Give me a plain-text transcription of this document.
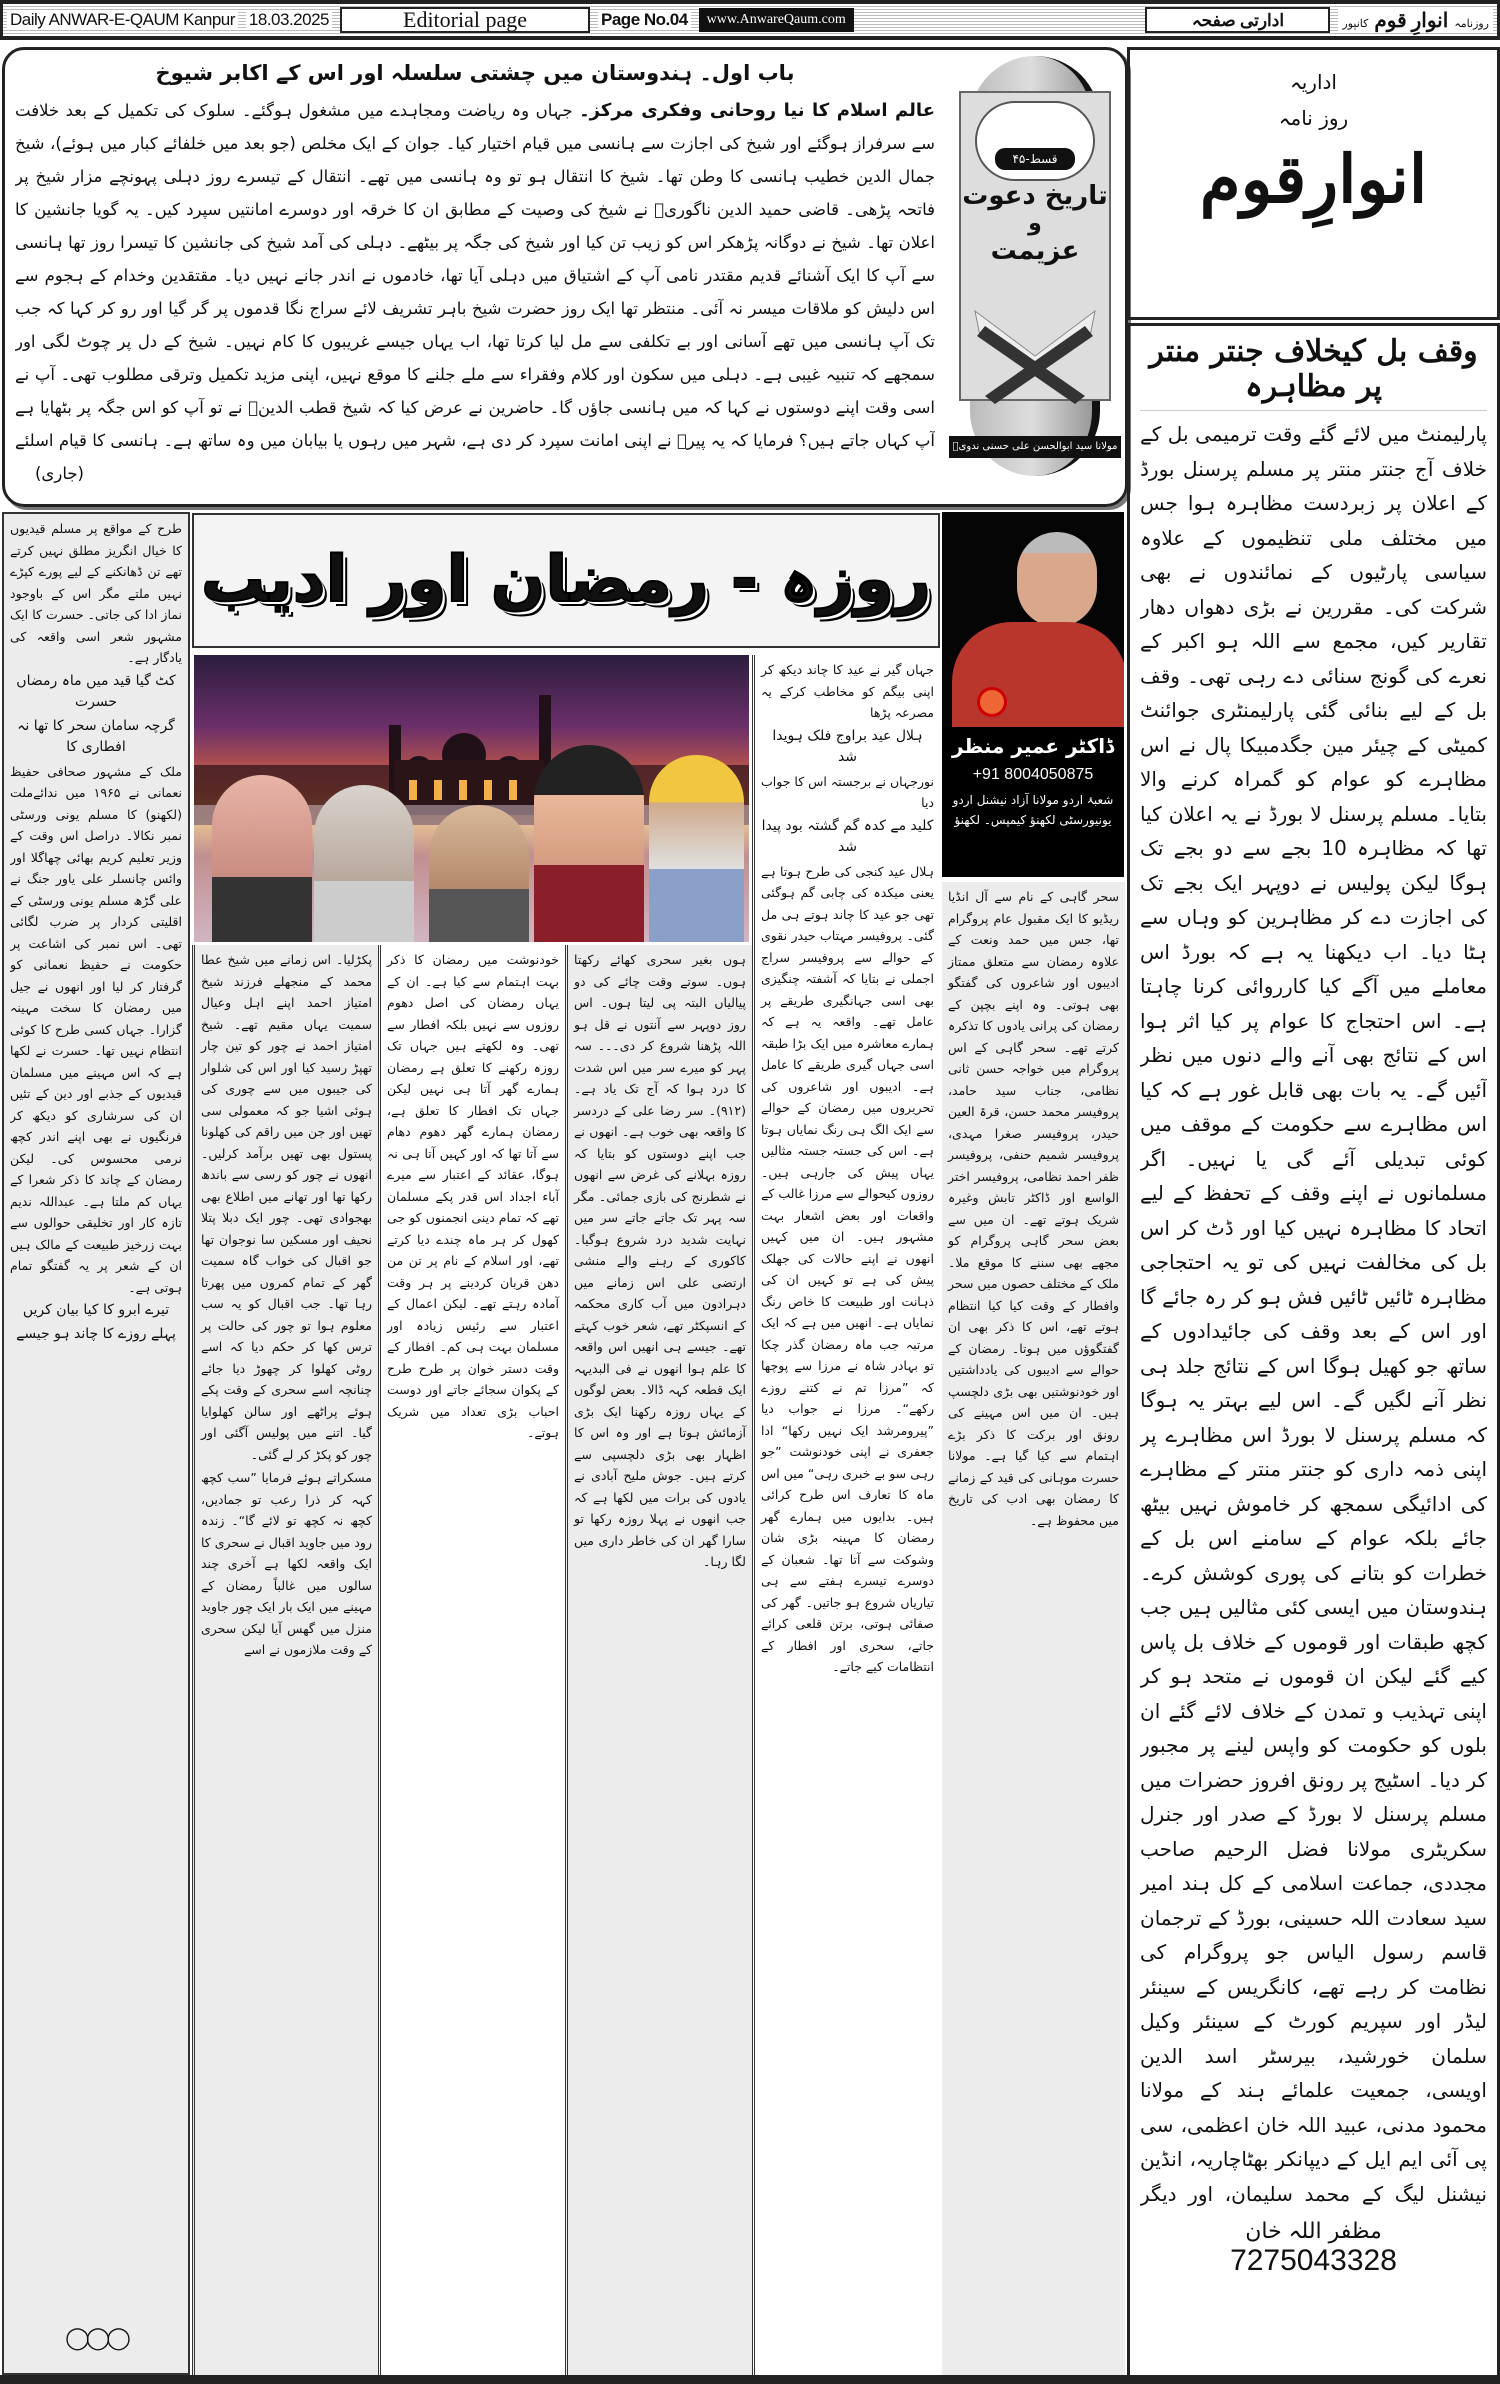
Daily ANWAR-E-QAUM Kanpur 18.03.2025	Editorial page	Page No.04	www.AnwareQaum.com	ادارتی صفحہ	روزنامہ
انوارِ قوم
کانپور
باب اول۔ ہندوستان میں چشتی سلسلہ اور اس کے اکابر شیوخ

عالم اسلام کا نیا روحانی وفکری مرکز۔ جہاں وہ ریاضت ومجاہدے میں مشغول ہوگئے۔ سلوک کی تکمیل کے بعد خلافت سے سرفراز ہوگئے اور شیخ کی اجازت سے ہانسی میں قیام اختیار کیا۔ جوان کے ایک مخلص (جو بعد میں خلفائے کبار میں ہوئے)، شیخ جمال الدین خطیب ہانسی کا وطن تھا۔ شیخ کا انتقال ہو تو وہ ہانسی میں تھے۔ انتقال کے تیسرے روز دہلی پہونچے مزار شیخ پر فاتحہ پڑھی۔ قاضی حمید الدین ناگوریؒ نے شیخ کی وصیت کے مطابق ان کا خرقہ اور دوسرے امانتیں سپرد کیں۔ یہ گویا جانشین کا اعلان تھا۔ شیخ نے دوگانہ پڑھکر اس کو زیب تن کیا اور شیخ کی جگہ پر بیٹھے۔ دہلی کی آمد شیخ کی جانشین کا تیسرا روز تھا ہانسی سے آپ کا ایک آشنائے قدیم مقتدر نامی آپ کے اشتیاق میں دہلی آیا تھا، خادموں نے اندر جانے نہیں دیا۔ مقتقدین وخدام کے ہجوم سے اس دلیش کو ملاقات میسر نہ آئی۔ منتظر تھا ایک روز حضرت شیخ باہر تشریف لائے سراج نگا قدموں پر گر گیا اور رو کر کہا کہ جب تک آپ ہانسی میں تھے آسانی اور بے تکلفی سے مل لیا کرتا تھا، اب یہاں جیسے غریبوں کا کام نہیں۔ شیخ کے دل پر چوٹ لگی اور سمجھے کہ تنبیہ غیبی ہے۔ دہلی میں سکون اور کلام وفقراء سے ملے جلنے کا موقع نہیں، اپنی مزید تکمیل وترقی مطلوب تھی۔ آپ نے اسی وقت اپنے دوستوں نے کہا کہ میں ہانسی جاؤں گا۔ حاضرین نے عرض کیا کہ شیخ قطب الدینؒ نے تو آپ کو اس جگہ پر بٹھایا ہے آپ کہاں جاتے ہیں؟ فرمایا کہ یہ پیرؒ نے اپنی امانت سپرد کر دی ہے، شہر میں رہوں یا بیابان میں وہ ساتھ ہے۔ ہانسی کا قیام اسلئے

(جاری)
قسط-۴۵
تاریخ دعوت
و
عزیمت
مولانا سید ابوالحسن علی حسنی ندویؒ
اداریہ
روز نامہ
انوارِقوم
وقف بل کیخلاف جنتر منتر پر مظاہرہ

پارلیمنٹ میں لائے گئے وقت ترمیمی بل کے خلاف آج جنتر منتر پر مسلم پرسنل بورڈ کے اعلان پر زبردست مظاہرہ ہوا جس میں مختلف ملی تنظیموں کے علاوہ سیاسی پارٹیوں کے نمائندوں نے بھی شرکت کی۔ مقررین نے بڑی دھواں دھار تقاریر کیں، مجمع سے اللہ ہو اکبر کے نعرے کی گونج سنائی دے رہی تھی۔ وقف بل کے لیے بنائی گئی پارلیمنٹری جوائنٹ کمیٹی کے چیئر مین جگدمبیکا پال نے اس مظاہرے کو عوام کو گمراہ کرنے والا بتایا۔ مسلم پرسنل لا بورڈ نے یہ اعلان کیا تھا کہ مظاہرہ 10 بجے سے دو بجے تک ہوگا لیکن پولیس نے دوپہر ایک بجے تک کی اجازت دے کر مظاہرین کو وہاں سے ہٹا دیا۔ اب دیکھنا یہ ہے کہ بورڈ اس معاملے میں آگے کیا کارروائی کرنا چاہتا ہے۔ اس احتجاج کا عوام پر کیا اثر ہوا اس کے نتائج بھی آنے والے دنوں میں نظر آئیں گے۔ یہ بات بھی قابل غور ہے کہ کیا اس مظاہرے سے حکومت کے موقف میں کوئی تبدیلی آئے گی یا نہیں۔ اگر مسلمانوں نے اپنے وقف کے تحفظ کے لیے اتحاد کا مظاہرہ نہیں کیا اور ڈٹ کر اس بل کی مخالفت نہیں کی تو یہ احتجاجی مظاہرہ ٹائیں ٹائیں فش ہو کر رہ جائے گا اور اس کے بعد وقف کی جائیدادوں کے ساتھ جو کھیل ہوگا اس کے نتائج جلد ہی نظر آنے لگیں گے۔ اس لیے بہتر یہ ہوگا کہ مسلم پرسنل لا بورڈ اس مظاہرے پر اپنی ذمہ داری کو جنتر منتر کے مظاہرے کی ادائیگی سمجھ کر خاموش نہیں بیٹھ جائے بلکہ عوام کے سامنے اس بل کے خطرات کو بتانے کی پوری کوشش کرے۔ ہندوستان میں ایسی کئی مثالیں ہیں جب کچھ طبقات اور قوموں کے خلاف بل پاس کیے گئے لیکن ان قوموں نے متحد ہو کر اپنی تہذیب و تمدن کے خلاف لائے گئے ان بلوں کو حکومت کو واپس لینے پر مجبور کر دیا۔ اسٹیج پر رونق افروز حضرات میں مسلم پرسنل لا بورڈ کے صدر اور جنرل سکریٹری مولانا فضل الرحیم صاحب مجددی، جماعت اسلامی کے کل ہند امیر سید سعادت اللہ حسینی، بورڈ کے ترجمان قاسم رسول الیاس جو پروگرام کی نظامت کر رہے تھے، کانگریس کے سینئر لیڈر اور سپریم کورٹ کے سینئر وکیل سلمان خورشید، بیرسٹر اسد الدین اویسی، جمعیت علمائے ہند کے مولانا محمود مدنی، عبید اللہ خان اعظمی، سی پی آئی ایم ایل کے دیپانکر بھٹاچاریہ، انڈین نیشنل لیگ کے محمد سلیمان، اور دیگر

مظفر اللہ خان
7275043328
روزہ - رمضان اور ادیب
ڈاکٹر عمیر منظر
+91 8004050875
شعبۂ اردو مولانا آزاد نیشنل اردو
یونیورسٹی لکھنؤ کیمپس۔ لکھنؤ

سحر گاہی کے نام سے آل انڈیا ریڈیو کا ایک مقبول عام پروگرام تھا، جس میں حمد ونعت کے علاوہ رمضان سے متعلق ممتاز ادیبوں اور شاعروں کی گفتگو بھی ہوتی۔ وہ اپنے بچپن کے رمضان کی پرانی یادوں کا تذکرہ کرتے تھے۔ سحر گاہی کے اس پروگرام میں خواجہ حسن ثانی نظامی، جناب سید حامد، پروفیسر محمد حسن، قرۃ العین حیدر، پروفیسر صغرا مہدی، پروفیسر شمیم حنفی، پروفیسر ظفر احمد نظامی، پروفیسر اختر الواسع اور ڈاکٹر تابش وغیرہ شریک ہوتے تھے۔ ان میں سے بعض سحر گاہی پروگرام کو مجھے بھی سننے کا موقع ملا۔ ملک کے مختلف حصوں میں سحر وافطار کے وقت کیا کیا انتظام ہوتے تھے، اس کا ذکر بھی ان گفتگوؤں میں ہوتا۔ رمضان کے حوالے سے ادیبوں کی یادداشتیں اور خودنوشتیں بھی بڑی دلچسپ ہیں۔ ان میں اس مہینے کی رونق اور برکت کا ذکر بڑے اہتمام سے کیا گیا ہے۔ مولانا حسرت موہانی کی قید کے زمانے کا رمضان بھی ادب کی تاریخ میں محفوظ ہے۔

جہاں گیر نے عید کا چاند دیکھ کر اپنی بیگم کو مخاطب کرکے یہ مصرعہ پڑھا

ہلال عید براوج فلک ہویدا شد

نورجہاں نے برجستہ اس کا جواب دیا

کلید مے کدہ گم گشتہ بود پیدا شد

ہلال عید کنجی کی طرح ہوتا ہے یعنی میکدہ کی چابی گم ہوگئی تھی جو عید کا چاند ہوتے ہی مل گئی۔ پروفیسر مہتاب حیدر نقوی کے حوالے سے پروفیسر سراج اجملی نے بتایا کہ آشفتہ چنگیزی بھی اسی جہانگیری طریقے پر عامل تھے۔ واقعہ یہ ہے کہ ہمارے معاشرہ میں ایک بڑا طبقہ اسی جہاں گیری طریقے کا عامل ہے۔ ادیبوں اور شاعروں کی تحریروں میں رمضان کے حوالے سے ایک الگ ہی رنگ نمایاں ہوتا ہے۔ اس کی جستہ جستہ مثالیں یہاں پیش کی جارہی ہیں۔ روزوں کیحوالے سے مرزا غالب کے واقعات اور بعض اشعار بہت مشہور ہیں۔ ان میں کہیں انھوں نے اپنے حالات کی جھلک پیش کی ہے تو کہیں ان کی ذہانت اور طبیعت کا خاص رنگ نمایاں ہے۔ انھیں میں ہے کہ ایک مرتبہ جب ماہ رمضان گذر چکا تو بہادر شاہ نے مرزا سے پوچھا کہ ”مرزا تم نے کتنے روزے رکھے“۔ مرزا نے جواب دیا ”پیرومرشد ایک نہیں رکھا“ ادا جعفری نے اپنی خودنوشت ”جو رہی سو بے خبری رہی“ میں اس ماہ کا تعارف اس طرح کرائی ہیں۔ بدایوں میں ہمارے گھر رمضان کا مہینہ بڑی شان وشوکت سے آتا تھا۔ شعبان کے دوسرے تیسرے ہفتے سے ہی تیاریاں شروع ہو جاتیں۔ گھر کی صفائی ہوتی، برتن قلعی کرائے جاتے، سحری اور افطار کے انتظامات کیے جاتے۔

ہوں بغیر سحری کھائے رکھتا ہوں۔ سوتے وقت چائے کی دو پیالیاں البتہ پی لیتا ہوں۔ اس روز دوپہر سے آنتوں نے قل ہو اللہ پڑھنا شروع کر دی۔۔۔ سہ پہر کو میرے سر میں اس شدت کا درد ہوا کہ آج تک یاد ہے۔ (۹۱۲)۔ سر رضا علی کے دردسر کا واقعہ بھی خوب ہے۔ انھوں نے جب اپنے دوستوں کو بتایا کہ روزہ بہلانے کی غرض سے انھوں نے شطرنج کی بازی جمائی۔ مگر سہ پہر تک جاتے جاتے سر میں نہایت شدید درد شروع ہوگیا۔ کاکوری کے رہنے والے منشی ارتضی علی اس زمانے میں دہرادون میں آب کاری محکمہ کے انسپکٹر تھے، شعر خوب کہتے تھے۔ جیسے ہی انھیں اس واقعہ کا علم ہوا انھوں نے فی البدیہہ ایک قطعہ کہہ ڈالا۔ بعض لوگوں کے یہاں روزہ رکھنا ایک بڑی آزمائش ہوتا ہے اور وہ اس کا اظہار بھی بڑی دلچسپی سے کرتے ہیں۔ جوش ملیح آبادی نے یادوں کی برات میں لکھا ہے کہ جب انھوں نے پہلا روزہ رکھا تو سارا گھر ان کی خاطر داری میں لگا رہا۔

خودنوشت میں رمضان کا ذکر بہت اہتمام سے کیا ہے۔ ان کے یہاں رمضان کی اصل دھوم روزوں سے نہیں بلکہ افطار سے تھی۔ وہ لکھتے ہیں جہاں تک روزہ رکھنے کا تعلق ہے رمضان ہمارے گھر آتا ہی نہیں لیکن جہاں تک افطار کا تعلق ہے، رمضان ہمارے گھر دھوم دھام سے آتا تھا کہ اور کہیں آتا ہی نہ ہوگا، عقائد کے اعتبار سے میرے آباء اجداد اس قدر پکے مسلمان تھے کہ تمام دینی انجمنوں کو جی کھول کر ہر ماہ چندے دیا کرتے تھے، اور اسلام کے نام پر تن من دھن قربان کردینے پر ہر وقت آمادہ رہتے تھے۔ لیکن اعمال کے اعتبار سے رئیس زیادہ اور مسلمان بہت ہی کم۔ افطار کے وقت دستر خوان پر طرح طرح کے پکوان سجائے جاتے اور دوست احباب بڑی تعداد میں شریک ہوتے۔

پکڑلیا۔ اس زمانے میں شیخ عطا محمد کے منجھلے فرزند شیخ امتیاز احمد اپنے اہل وعیال سمیت یہاں مقیم تھے۔ شیخ امتیاز احمد نے چور کو تین چار تھپڑ رسید کیا اور اس کی شلوار کی جیبوں میں سے چوری کی ہوئی اشیا جو کہ معمولی سی تھیں اور جن میں راقم کی کھلونا پستول بھی تھیں برآمد کرلیں۔ انھوں نے چور کو رسی سے باندھ رکھا تھا اور تھانے میں اطلاع بھی بھجوادی تھی۔ چور ایک دبلا پتلا نحیف اور مسکین سا نوجوان تھا جو اقبال کی خواب گاہ سمیت گھر کے تمام کمروں میں پھرتا رہا تھا۔ جب اقبال کو یہ سب معلوم ہوا تو چور کی حالت پر ترس کھا کر حکم دیا کہ اسے روٹی کھلوا کر چھوڑ دیا جائے چنانچہ اسے سحری کے وقت پکے ہوئے پراٹھے اور سالن کھلوایا گیا۔ اتنے میں پولیس آگئی اور چور کو پکڑ کر لے گئی۔

مسکراتے ہوئے فرمایا ”سب کچھ کہہ کر ذرا رعب تو جمادیں، کچھ نہ کچھ تو لائے گا“۔ زندہ رود میں جاوید اقبال نے سحری کا ایک واقعہ لکھا ہے آخری چند سالوں میں غالباً رمضان کے مہینے میں ایک بار ایک چور جاوید منزل میں گھس آیا لیکن سحری کے وقت ملازموں نے اسے

طرح کے مواقع پر مسلم قیدیوں کا خیال انگریز مطلق نہیں کرتے تھے تن ڈھانکنے کے لیے پورے کپڑے نہیں ملتے مگر اس کے باوجود نماز ادا کی جاتی۔ حسرت کا ایک مشہور شعر اسی واقعہ کی یادگار ہے۔

کٹ گیا قید میں ماہ رمضاں حسرت

گرچہ سامان سحر کا تھا نہ افطاری کا

ملک کے مشہور صحافی حفیظ نعمانی نے ۱۹۶۵ میں ندائےملت (لکھنو) کا مسلم یونی ورسٹی نمبر نکالا۔ دراصل اس وقت کے وزیر تعلیم کریم بھائی چھاگلا اور وائس چانسلر علی یاور جنگ نے علی گڑھ مسلم یونی ورسٹی کے اقلیتی کردار پر ضرب لگائی تھی۔ اس نمبر کی اشاعت پر حکومت نے حفیظ نعمانی کو گرفتار کر لیا اور انھوں نے جیل میں رمضان کا سخت مہینہ گزارا۔ جہاں کسی طرح کا کوئی انتظام نہیں تھا۔ حسرت نے لکھا ہے کہ اس مہینے میں مسلمان قیدیوں کے جذبے اور دین کے تئیں ان کی سرشاری کو دیکھ کر فرنگیوں نے بھی اپنے اندر کچھ نرمی محسوس کی۔ لیکن رمضان کے چاند کا ذکر شعرا کے یہاں کم ملتا ہے۔ عبداللہ ندیم تازہ کار اور تخلیقی حوالوں سے بہت زرخیز طبیعت کے مالک ہیں ان کے شعر پر یہ گفتگو تمام ہوتی ہے۔

تیرے ابرو کا کیا بیان کریں

پہلے روزے کا چاند ہو جیسے

◯◯◯
